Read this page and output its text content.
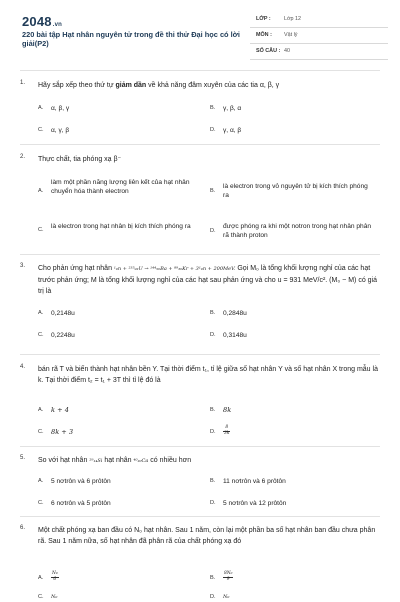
2048.vn
220 bài tập Hạt nhân nguyên tử trong đề thi thử Đại học có lời giải(P2)
LỚP : Lớp 12
MÔN : Vật lý
SỐ CÂU : 40
1. Hãy sắp xếp theo thứ tự giảm dần về khả năng đâm xuyên của các tia α, β, γ
A. α, β, γ	B. γ, β, α
C. α, γ, β	D. γ, α, β
2. Thực chất, tia phóng xạ β⁻
A.
làm một phần năng lượng liên kết của hạt nhân chuyển hóa thành electron	B.
là electron trong vỏ nguyên tử bị kích thích phóng ra
C. là electron trong hạt nhân bị kích thích phóng ra
D.
được phóng ra khi một notron trong hạt nhân phân rã thành proton
3. Cho phản ứng hạt nhân ¹₀n + ²³⁵₉₂U → ¹⁴⁴₅₆Ba + ⁸⁹₃₆Kr + 3¹₀n + 200MeV. Gọi M₀ là tổng khối lượng nghỉ của các hạt trước phản ứng; M là tổng khối lượng nghỉ của các hạt sau phản ứng và cho u = 931 MeV/c². (M₀ − M) có giá trị là
A. 0,2148u	B. 0,2848u
C. 0,2248u	D. 0,3148u
4. bán rã T và biến thành hạt nhân bền Y. Tại thời điểm t₁, tỉ lệ giữa số hạt nhân Y và số hạt nhân X trong mẫu là k. Tại thời điểm t₂ = t₁ + 3T thì tỉ lệ đó là
A. k + 4	B. 8k
C. 8k + 3	D. $\frac{8}{3k}$
5. So với hạt nhân ²⁹₁₄Si hạt nhân ⁴⁰₂₀Ca có nhiều hơn
A. 5 nơtrôn và 6 prôtôn	B. 11 nơtrôn và 6 prôtôn
C. 6 nơtrôn và 5 prôtôn	D. 5 nơtrôn và 12 prôtôn
6. Một chất phóng xạ ban đầu có N₀ hạt nhân. Sau 1 năm, còn lại một phần ba số hạt nhân ban đầu chưa phân rã. Sau 1 năm nữa, số hạt nhân đã phân rã của chất phóng xạ đó
A. $\frac{\text{N₀}}{6}$	B. $\frac{\text{8N₀}}{9}$
C. N₀	D. N₀
